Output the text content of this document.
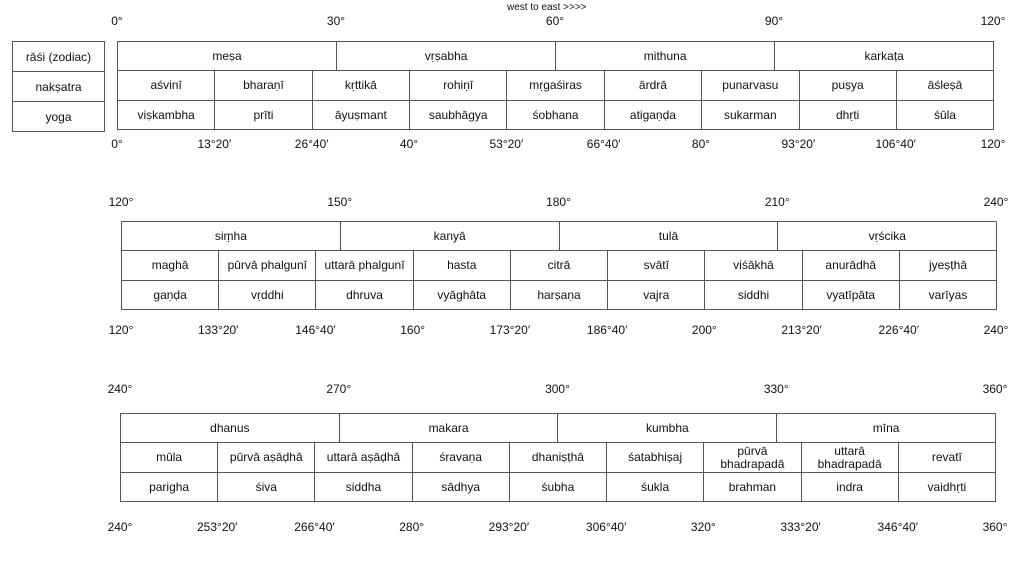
west to east >>>>
rāśi (zodiac)
nakṣatra
yoga
0°	30°	60°	90°	120°
meṣa			vṛṣabha			mithuna			karkaṭa		
aśvinī	bharaṇī	kṛttikā		rohiṇī	mṛgaśiras		ārdrā	punarvasu		puṣya	āśleṣā
viṣkambha	prīti	āyuṣmant		saubhāgya	śobhana		atigaṇḍa	sukarman		dhṛti	śūla
0°	13°20′	26°40′	40°	53°20′	66°40′	80°	93°20′	106°40′	120°
120°	150°	180°	210°	240°
siṃha			kanyā			tulā			vṛścika		
maghā	pūrvā phalgunī	uttarā phalgunī		hasta	citrā		svātī	viśākhā		anurādhā	jyeṣṭhā
gaṇḍa	vṛddhi	dhruva		vyāghāta	harṣaṇa		vajra	siddhi		vyatīpāta	varīyas
120°	133°20′	146°40′	160°	173°20′	186°40′	200°	213°20′	226°40′	240°
240°	270°	300°	330°	360°
dhanus			makara			kumbha			mīna		
mūla	pūrvā aṣāḍhā	uttarā aṣāḍhā		śravaṇa	dhaniṣṭhā		śatabhiṣaj	pūrvā bhadrapadā		uttarā bhadrapadā	revatī
parigha	śiva	siddha		sādhya	śubha		śukla	brahman		indra	vaidhṛti
240°	253°20′	266°40′	280°	293°20′	306°40′	320°	333°20′	346°40′	360°
